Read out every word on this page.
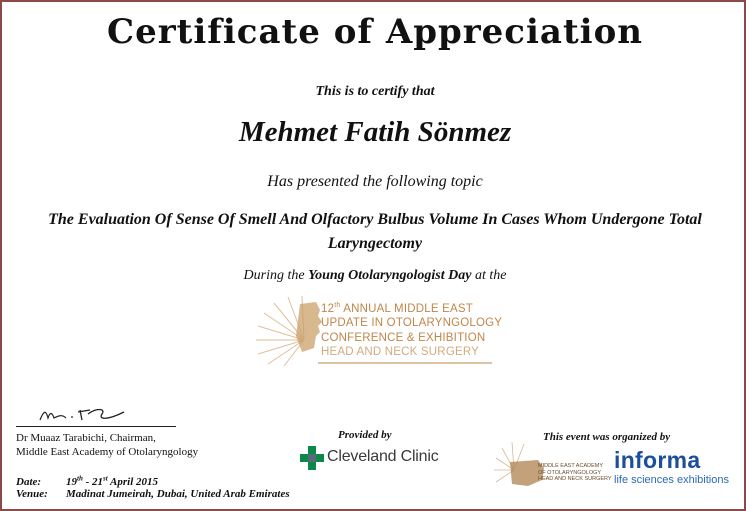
Certificate of Appreciation
This is to certify that
Mehmet Fatih Sönmez
Has presented the following topic
The Evaluation Of Sense Of Smell And Olfactory Bulbus Volume In Cases Whom Undergone Total Laryngectomy
During the Young Otolaryngologist Day at the
12th ANNUAL MIDDLE EAST
UPDATE IN OTOLARYNGOLOGY
CONFERENCE & EXHIBITION
HEAD AND NECK SURGERY
Dr Muaaz Tarabichi, Chairman,
Middle East Academy of Otolaryngology
Date: 19th - 21st April 2015
Venue: Madinat Jumeirah, Dubai, United Arab Emirates
Provided by
Cleveland Clinic
This event was organized by
MIDDLE EAST ACADEMY
OF OTOLARYNGOLOGY
HEAD AND NECK SURGERY
informa
life sciences exhibitions
